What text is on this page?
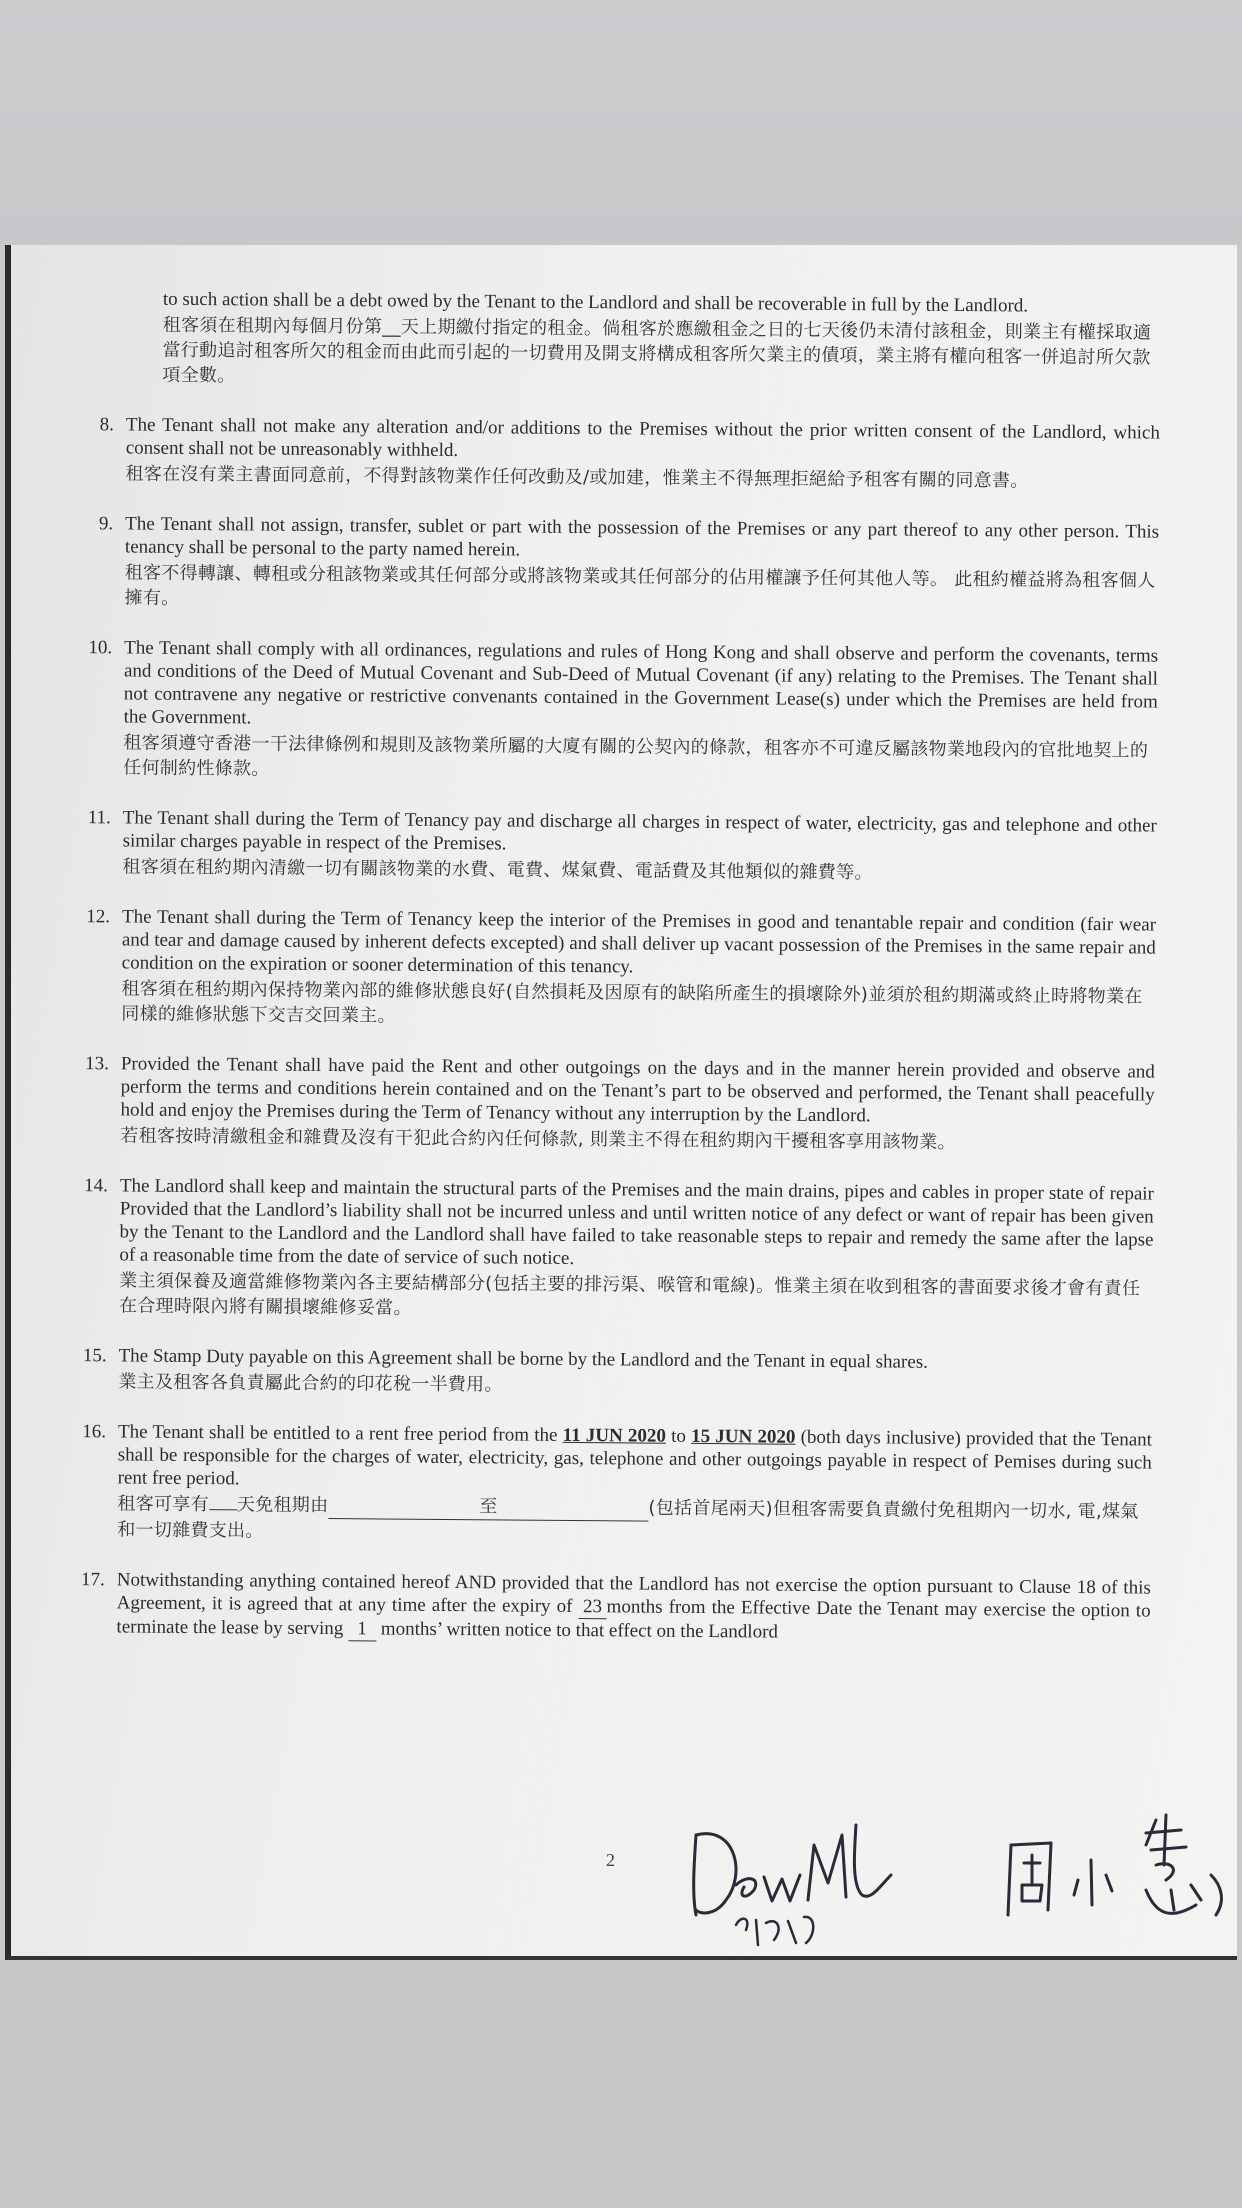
to such action shall be a debt owed by the Tenant to the Landlord and shall be recoverable in full by the Landlord.

租客須在租期內每個月份第__天上期繳付指定的租金。倘租客於應繳租金之日的七天後仍未清付該租金，則業主有權採取適當行動追討租客所欠的租金而由此而引起的一切費用及開支將構成租客所欠業主的債項，業主將有權向租客一併追討所欠款項全數。

8. The Tenant shall not make any alteration and/or additions to the Premises without the prior written consent of the Landlord, which consent shall not be unreasonably withheld.

租客在沒有業主書面同意前，不得對該物業作任何改動及/或加建，惟業主不得無理拒絕給予租客有關的同意書。

9. The Tenant shall not assign, transfer, sublet or part with the possession of the Premises or any part thereof to any other person. This tenancy shall be personal to the party named herein.

租客不得轉讓、轉租或分租該物業或其任何部分或將該物業或其任何部分的佔用權讓予任何其他人等。 此租約權益將為租客個人擁有。

10. The Tenant shall comply with all ordinances, regulations and rules of Hong Kong and shall observe and perform the covenants, terms and conditions of the Deed of Mutual Covenant and Sub-Deed of Mutual Covenant (if any) relating to the Premises. The Tenant shall not contravene any negative or restrictive convenants contained in the Government Lease(s) under which the Premises are held from the Government.

租客須遵守香港一干法律條例和規則及該物業所屬的大廈有關的公契內的條款，租客亦不可違反屬該物業地段內的官批地契上的任何制約性條款。

11. The Tenant shall during the Term of Tenancy pay and discharge all charges in respect of water, electricity, gas and telephone and other similar charges payable in respect of the Premises.

租客須在租約期內清繳一切有關該物業的水費、電費、煤氣費、電話費及其他類似的雜費等。

12. The Tenant shall during the Term of Tenancy keep the interior of the Premises in good and tenantable repair and condition (fair wear and tear and damage caused by inherent defects excepted) and shall deliver up vacant possession of the Premises in the same repair and condition on the expiration or sooner determination of this tenancy.

租客須在租約期內保持物業內部的維修狀態良好(自然損耗及因原有的缺陷所產生的損壞除外)並須於租約期滿或終止時將物業在同樣的維修狀態下交吉交回業主。

13. Provided the Tenant shall have paid the Rent and other outgoings on the days and in the manner herein provided and observe and perform the terms and conditions herein contained and on the Tenant’s part to be observed and performed, the Tenant shall peacefully hold and enjoy the Premises during the Term of Tenancy without any interruption by the Landlord.

若租客按時清繳租金和雜費及沒有干犯此合約內任何條款, 則業主不得在租約期內干擾租客享用該物業。

14. The Landlord shall keep and maintain the structural parts of the Premises and the main drains, pipes and cables in proper state of repair Provided that the Landlord’s liability shall not be incurred unless and until written notice of any defect or want of repair has been given by the Tenant to the Landlord and the Landlord shall have failed to take reasonable steps to repair and remedy the same after the lapse of a reasonable time from the date of service of such notice.

業主須保養及適當維修物業內各主要結構部分(包括主要的排污渠、喉管和電線)。惟業主須在收到租客的書面要求後才會有責任在合理時限內將有關損壞維修妥當。

15. The Stamp Duty payable on this Agreement shall be borne by the Landlord and the Tenant in equal shares.

業主及租客各負責屬此合約的印花稅一半費用。

16. The Tenant shall be entitled to a rent free period from the 11 JUN 2020 to 15 JUN 2020 (both days inclusive) provided that the Tenant shall be responsible for the charges of water, electricity, gas, telephone and other outgoings payable in respect of Pemises during such rent free period.

租客可享有 天免租期由	至	(包括首尾兩天)但租客需要負責繳付免租期內一切水, 電,煤氣和一切雜費支出。

17. Notwithstanding anything contained hereof AND provided that the Landlord has not exercise the option pursuant to Clause 18 of this Agreement, it is agreed that at any time after the expiry of 23 months from the Effective Date the Tenant may exercise the option to terminate the lease by serving 1 months’ written notice to that effect on the Landlord

2
